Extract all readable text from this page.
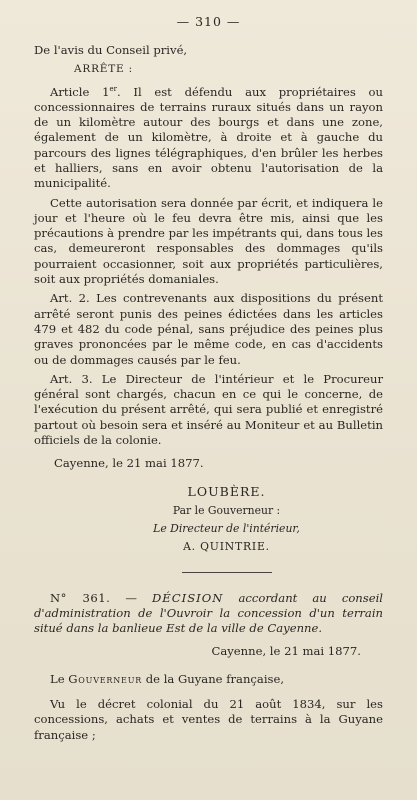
— 310 —

De l'avis du Conseil privé,

ARRÊTE :

Article 1er. Il est défendu aux propriétaires ou concessionnaires de terrains ruraux situés dans un rayon de un kilomètre autour des bourgs et dans une zone, également de un kilomètre, à droite et à gauche du parcours des lignes télégraphiques, d'en brûler les herbes et halliers, sans en avoir obtenu l'autorisation de la municipalité.

Cette autorisation sera donnée par écrit, et indiquera le jour et l'heure où le feu devra être mis, ainsi que les précautions à prendre par les impétrants qui, dans tous les cas, demeureront responsables des dommages qu'ils pourraient occasionner, soit aux propriétés particulières, soit aux propriétés domaniales.

Art. 2. Les contrevenants aux dispositions du présent arrêté seront punis des peines édictées dans les articles 479 et 482 du code pénal, sans préjudice des peines plus graves prononcées par le même code, en cas d'accidents ou de dommages causés par le feu.

Art. 3. Le Directeur de l'intérieur et le Procureur général sont chargés, chacun en ce qui le concerne, de l'exécution du présent arrêté, qui sera publié et enregistré partout où besoin sera et inséré au Moniteur et au Bulletin officiels de la colonie.

Cayenne, le 21 mai 1877.

LOUBÈRE.
Par le Gouverneur :
Le Directeur de l'intérieur,
A. QUINTRIE.

N° 361. — DÉCISION accordant au conseil d'administration de l'Ouvroir la concession d'un terrain situé dans la banlieue Est de la ville de Cayenne.

Cayenne, le 21 mai 1877.

Le Gouverneur de la Guyane française,

Vu le décret colonial du 21 août 1834, sur les concessions, achats et ventes de terrains à la Guyane française ;
